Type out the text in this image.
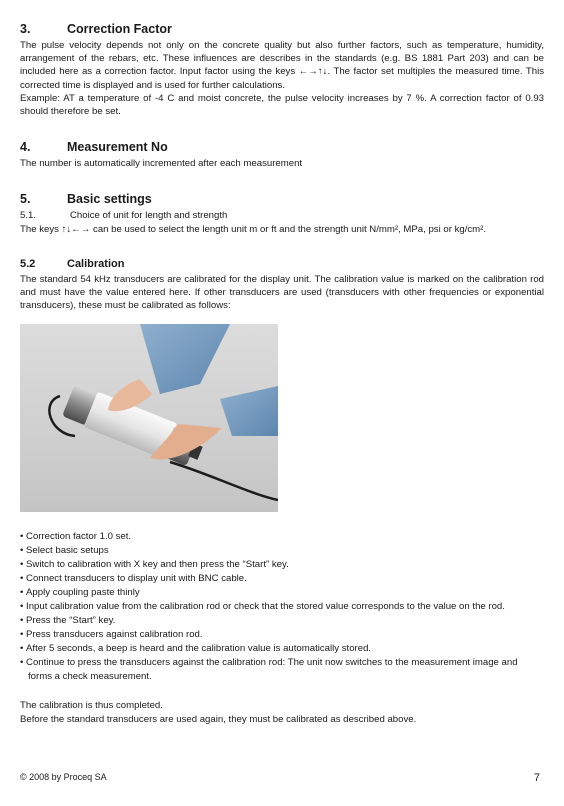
3.	Correction Factor

The pulse velocity depends not only on the concrete quality but also further factors, such as temperature, humidity, arrangement of the rebars, etc. These influences are describes in the standards (e.g. BS 1881 Part 203) and can be included here as a correction factor. Input factor using the keys ←→↑↓. The factor set multiples the measured time. This corrected time is displayed and is used for further calculations.

Example: AT a temperature of -4 C and moist concrete, the pulse velocity increases by 7 %. A correction factor of 0.93 should therefore be set.

4.	Measurement No

The number is automatically incremented after each measurement

5.	Basic settings
5.1.	Choice of unit for length and strength

The keys ↑↓←→ can be used to select the length unit m or ft and the strength unit N/mm², MPa, psi or kg/cm².

5.2	Calibration

The standard 54 kHz transducers are calibrated for the display unit. The calibration value is marked on the calibration rod and must have the value entered here. If other transducers are used (transducers with other frequencies or exponential transducers), these must be calibrated as follows:

• Correction factor 1.0 set.
• Select basic setups
• Switch to calibration with X key and then press the “Start” key.
• Connect transducers to display unit with BNC cable.
• Apply coupling paste thinly
• Input calibration value from the calibration rod or check that the stored value corresponds to the value on the rod.
• Press the “Start” key.
• Press transducers against calibration rod.
• After 5 seconds, a beep is heard and the calibration value is automatically stored.
• Continue to press the transducers against the calibration rod: The unit now switches to the measurement image and forms a check measurement.

The calibration is thus completed.

Before the standard transducers are used again, they must be calibrated as described above.

© 2008 by Proceq SA	7
